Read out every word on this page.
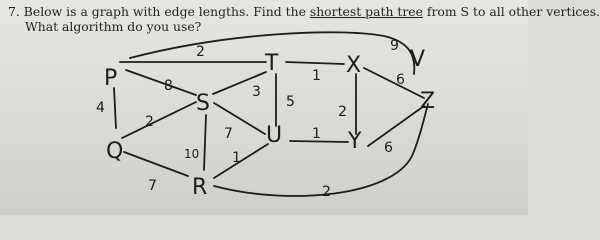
7. Below is a graph with edge lengths. Find the shortest path tree from S to all other vertices.
What algorithm do you use?
P
Q
R
S
T
U
V
X
Y
Z
2
8
4
2
7
10
3
7
5
1	6
2
1
6
1
2
9
